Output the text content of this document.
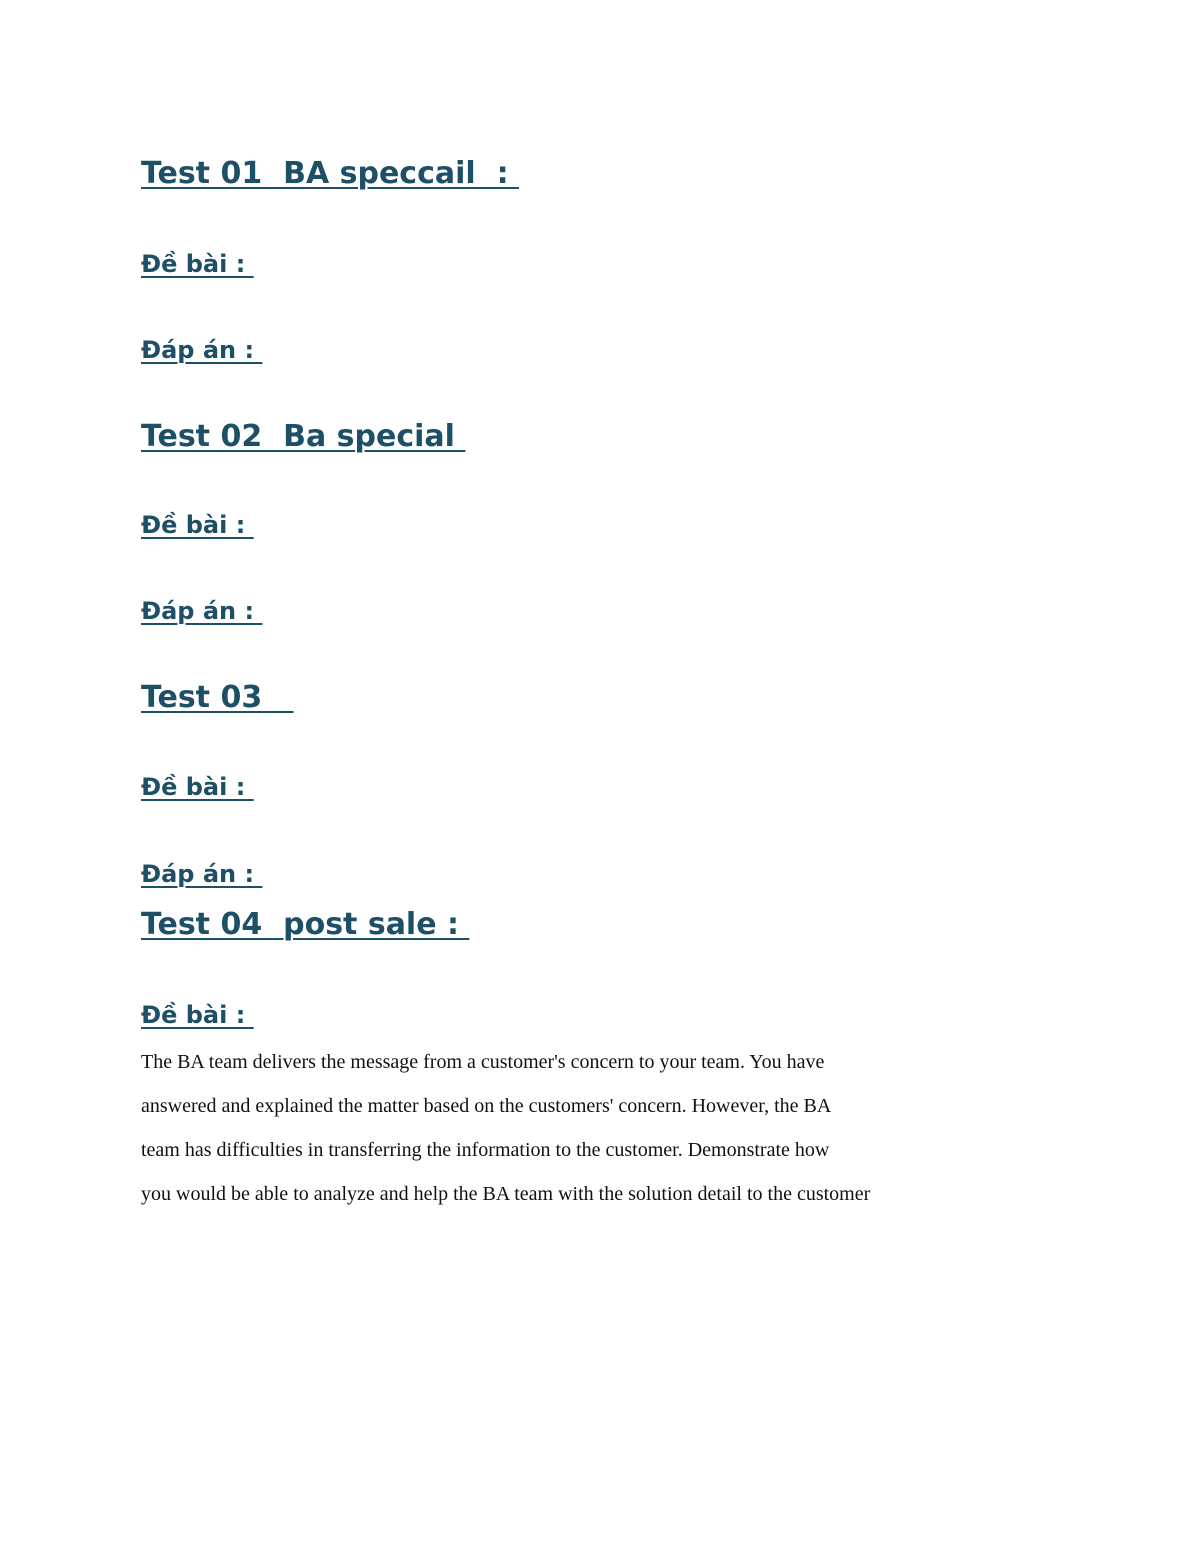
Test 01  BA speccail  :
Đề bài :
Đáp án :
Test 02  Ba special
Đề bài :
Đáp án :
Test 03
Đề bài :
Đáp án :
Test 04  post sale :
Đề bài :

The BA team delivers the message from a customer's concern to your team. You have
answered and explained the matter based on the customers' concern. However, the BA
team has difficulties in transferring the information to the customer. Demonstrate how
you would be able to analyze and help the BA team with the solution detail to the customer
